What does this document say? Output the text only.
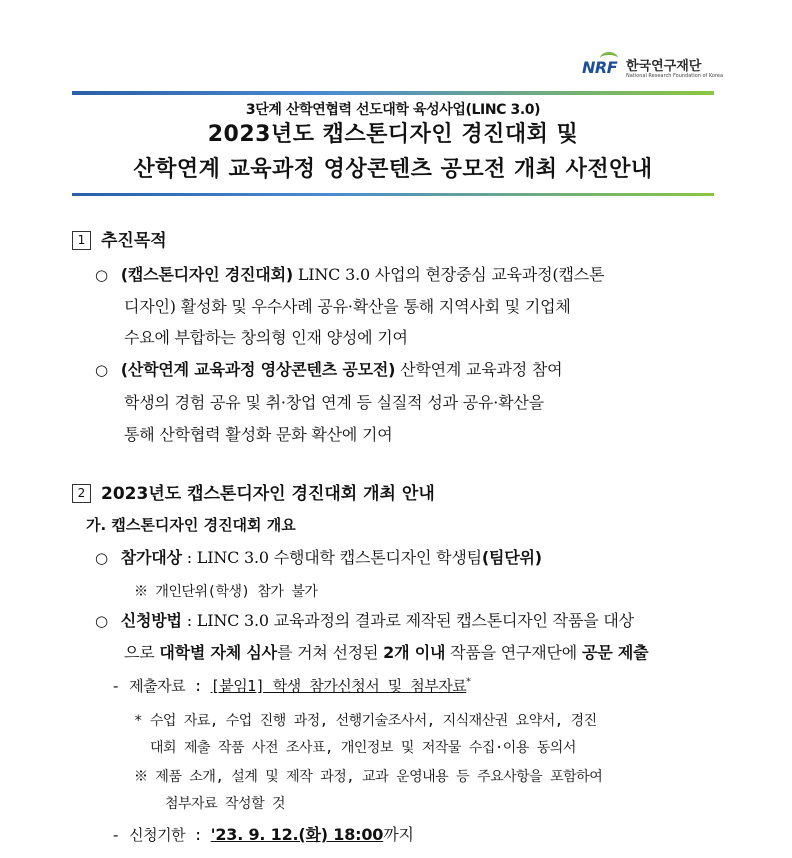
NRF 한국연구재단
National Research Foundation of Korea
3단계 산학연협력 선도대학 육성사업(LINC 3.0)
2023년도 캡스톤디자인 경진대회 및
산학연계 교육과정 영상콘텐츠 공모전 개최 사전안내
1 추진목적
○ (캡스톤디자인 경진대회) LINC 3.0 사업의 현장중심 교육과정(캡스톤
디자인) 활성화 및 우수사례 공유·확산을 통해 지역사회 및 기업체
수요에 부합하는 창의형 인재 양성에 기여
○ (산학연계 교육과정 영상콘텐츠 공모전) 산학연계 교육과정 참여
학생의 경험 공유 및 취·창업 연계 등 실질적 성과 공유·확산을
통해 산학협력 활성화 문화 확산에 기여
2 2023년도 캡스톤디자인 경진대회 개최 안내
가. 캡스톤디자인 경진대회 개요
○ 참가대상 : LINC 3.0 수행대학 캡스톤디자인 학생팀(팀단위)
※ 개인단위(학생) 참가 불가
○ 신청방법 : LINC 3.0 교육과정의 결과로 제작된 캡스톤디자인 작품을 대상
으로 대학별 자체 심사를 거쳐 선정된 2개 이내 작품을 연구재단에 공문 제출
- 제출자료 : [붙임1] 학생 참가신청서 및 첨부자료*
* 수업 자료, 수업 진행 과정, 선행기술조사서, 지식재산권 요약서, 경진
대회 제출 작품 사전 조사표, 개인정보 및 저작물 수집·이용 동의서
※ 제품 소개, 설계 및 제작 과정, 교과 운영내용 등 주요사항을 포함하여
첨부자료 작성할 것
- 신청기한 : '23. 9. 12.(화) 18:00까지
